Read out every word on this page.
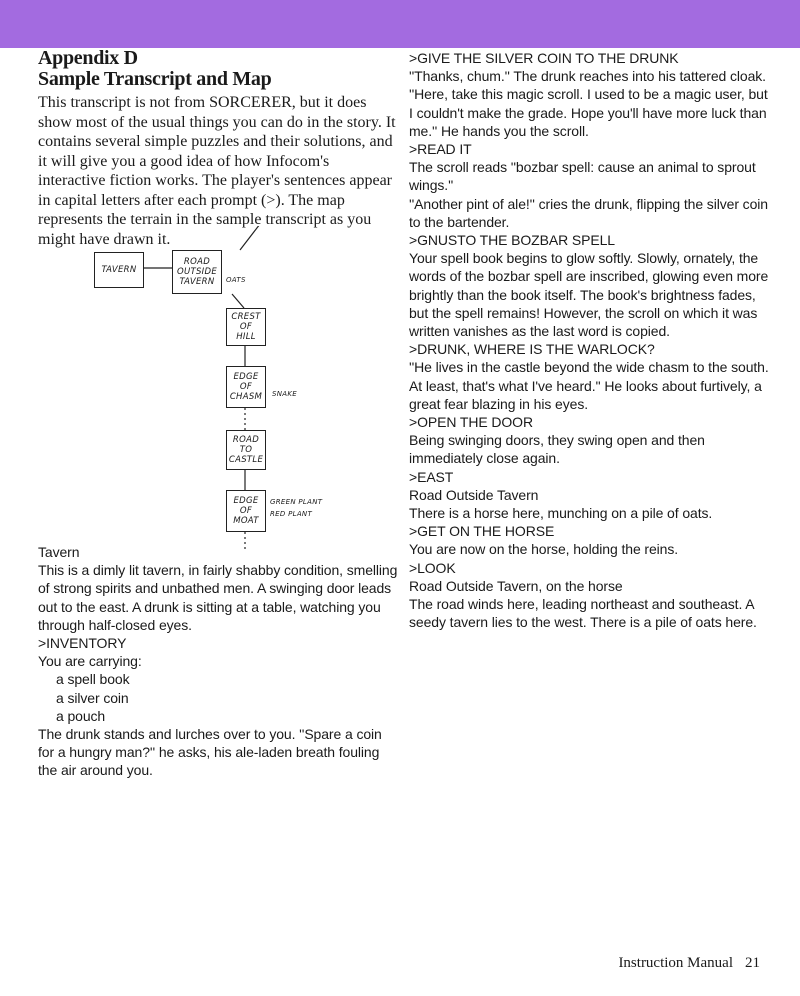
Appendix D
Sample Transcript and Map

This transcript is not from SORCERER, but it does show most of the usual things you can do in the story. It contains several simple puzzles and their solutions, and it will give you a good idea of how Infocom's interactive fiction works. The player's sentences appear in capital letters after each prompt (>). The map represents the terrain in the sample transcript as you might have drawn it.

TAVERN
ROAD
OUTSIDE
TAVERN OATS
CREST
OF
HILL
EDGE
OF
CHASM SNAKE
ROAD
TO
CASTLE
EDGE
OF
MOAT
GREEN PLANT
RED PLANT

Tavern

This is a dimly lit tavern, in fairly shabby condition, smelling of strong spirits and unbathed men. A swinging door leads out to the east. A drunk is sitting at a table, watching you through half-closed eyes.

>INVENTORY

You are carrying:

a spell book

a silver coin

a pouch

The drunk stands and lurches over to you. ''Spare a coin for a hungry man?'' he asks, his ale-laden breath fouling the air around you.

>GIVE THE SILVER COIN TO THE DRUNK

''Thanks, chum.'' The drunk reaches into his tattered cloak. ''Here, take this magic scroll. I used to be a magic user, but I couldn't make the grade. Hope you'll have more luck than me.'' He hands you the scroll.

>READ IT

The scroll reads ''bozbar spell: cause an animal to sprout wings.''

''Another pint of ale!'' cries the drunk, flipping the silver coin to the bartender.

>GNUSTO THE BOZBAR SPELL

Your spell book begins to glow softly. Slowly, ornately, the words of the bozbar spell are inscribed, glowing even more brightly than the book itself. The book's brightness fades, but the spell remains! However, the scroll on which it was written vanishes as the last word is copied.

>DRUNK, WHERE IS THE WARLOCK?

''He lives in the castle beyond the wide chasm to the south. At least, that's what I've heard.'' He looks about furtively, a great fear blazing in his eyes.

>OPEN THE DOOR

Being swinging doors, they swing open and then immediately close again.

>EAST

Road Outside Tavern

There is a horse here, munching on a pile of oats.

>GET ON THE HORSE

You are now on the horse, holding the reins.

>LOOK

Road Outside Tavern, on the horse

The road winds here, leading northeast and southeast. A seedy tavern lies to the west. There is a pile of oats here.

Instruction Manual 21
